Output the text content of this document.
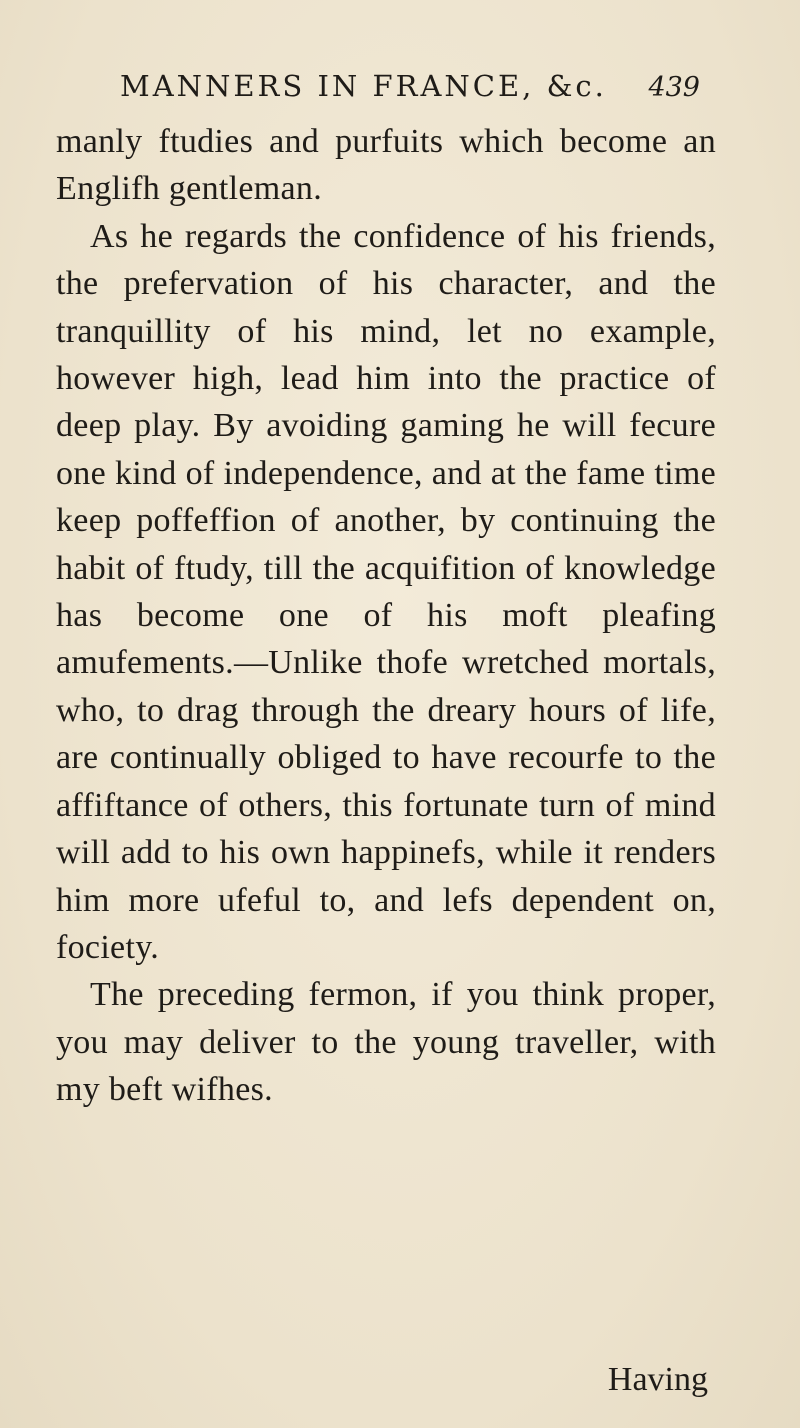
MANNERS IN FRANCE, &c. 439

manly ftudies and purfuits which become an Englifh gentleman.

As he regards the confidence of his friends, the prefervation of his character, and the tranquillity of his mind, let no example, however high, lead him into the practice of deep play. By avoiding gaming he will fecure one kind of independence, and at the fame time keep poffeffion of another, by continuing the habit of ftudy, till the acquifition of knowledge has become one of his moft pleafing amufements.—Unlike thofe wretched mortals, who, to drag through the dreary hours of life, are continually obliged to have recourfe to the affiftance of others, this fortunate turn of mind will add to his own happinefs, while it renders him more ufeful to, and lefs dependent on, fociety.

The preceding fermon, if you think proper, you may deliver to the young traveller, with my beft wifhes.

Having
